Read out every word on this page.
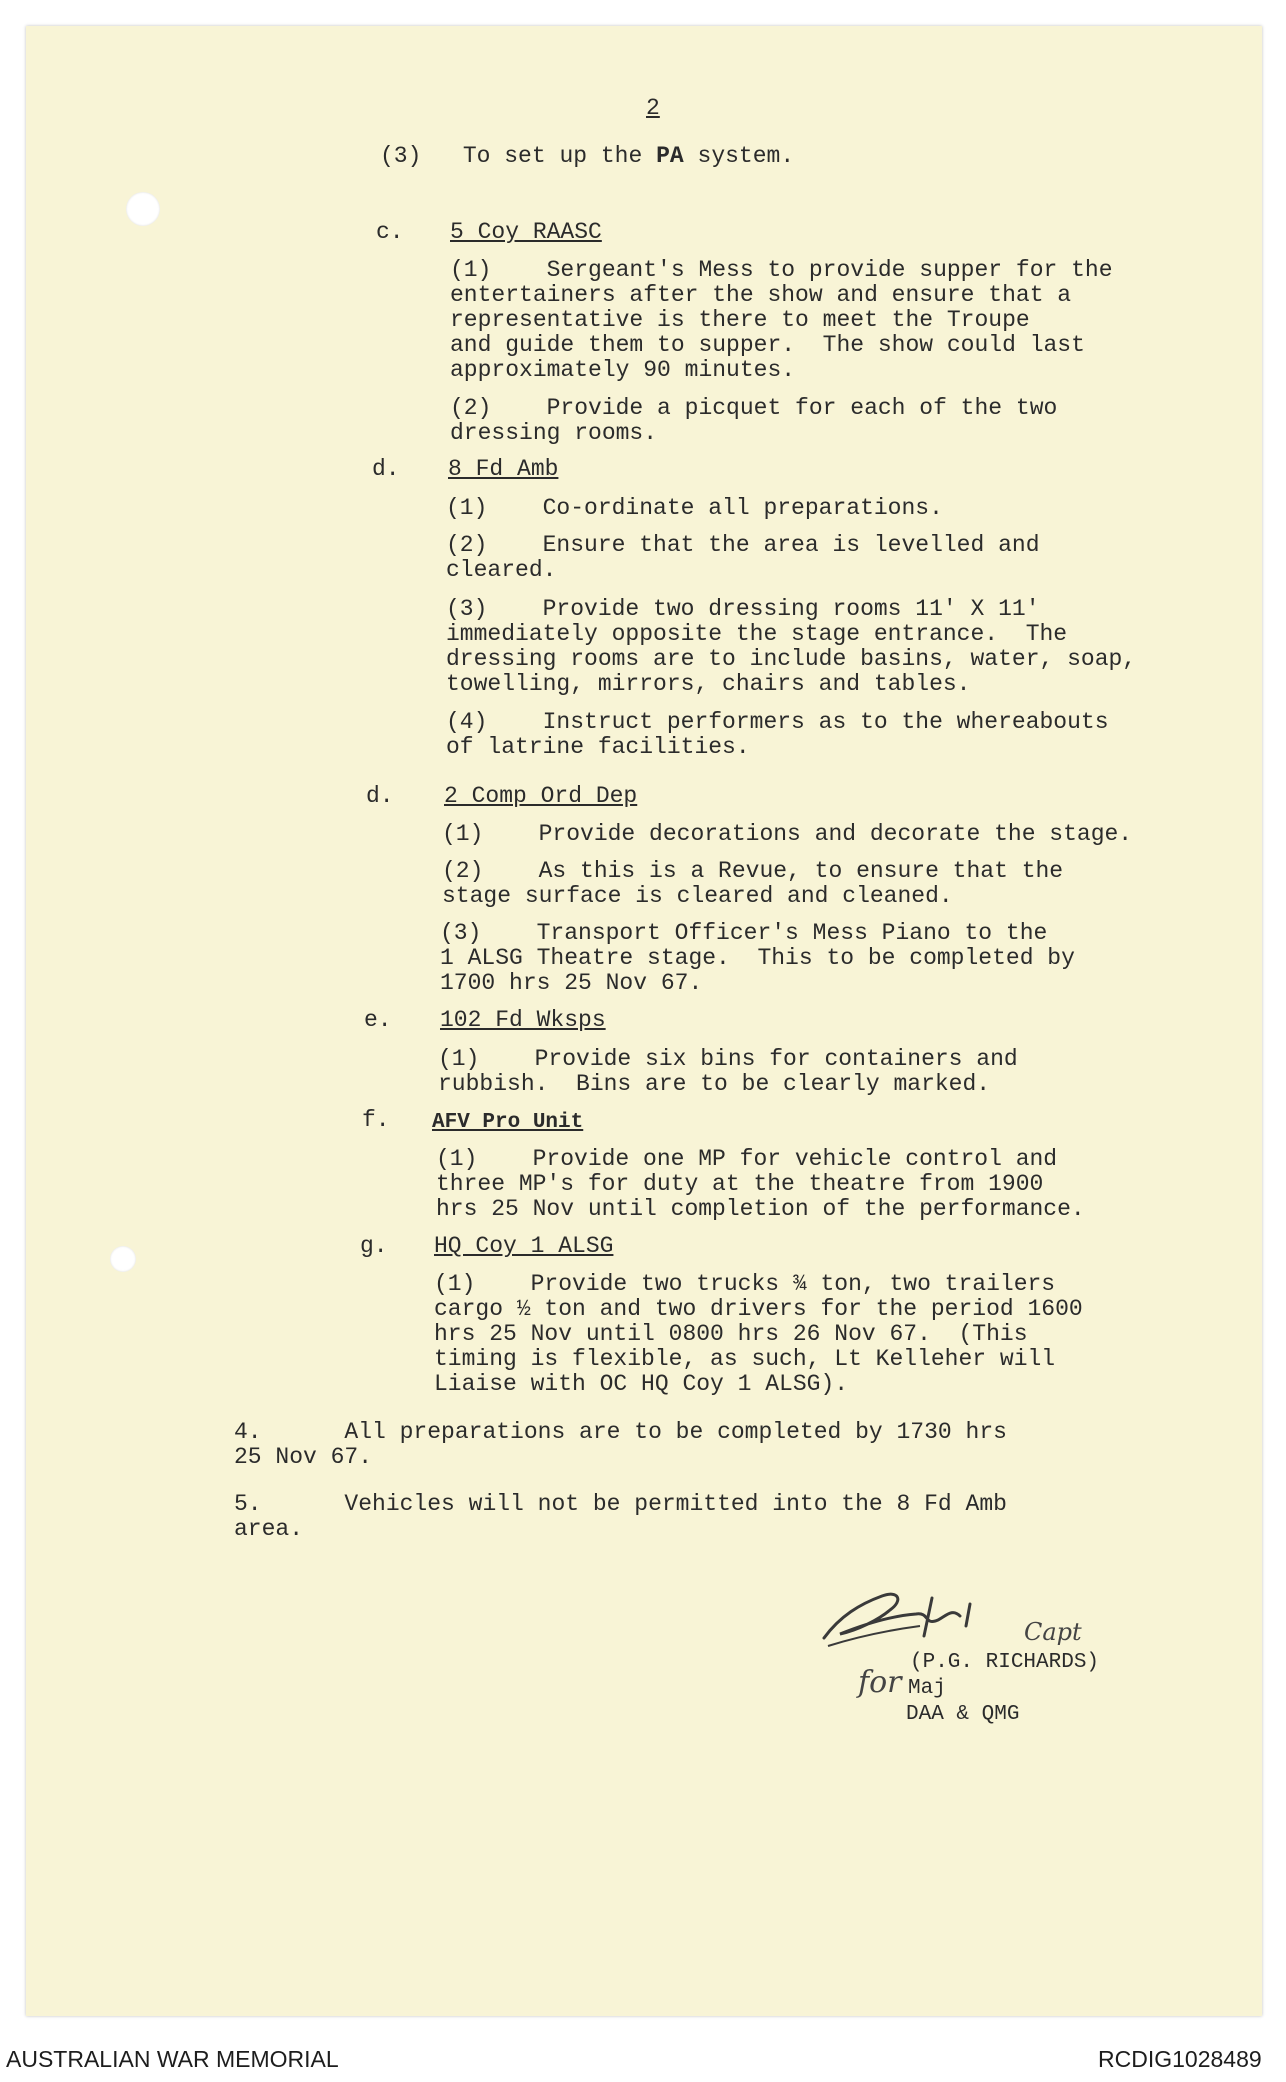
2
(3) To set up the PA system.
c. 5 Coy RAASC
(1)    Sergeant's Mess to provide supper for the
entertainers after the show and ensure that a
representative is there to meet the Troupe
and guide them to supper.  The show could last
approximately 90 minutes.
(2)    Provide a picquet for each of the two
dressing rooms.
d. 8 Fd Amb
(1)    Co-ordinate all preparations.
(2)    Ensure that the area is levelled and
cleared.
(3)    Provide two dressing rooms 11' X 11'
immediately opposite the stage entrance.  The
dressing rooms are to include basins, water, soap,
towelling, mirrors, chairs and tables.
(4)    Instruct performers as to the whereabouts
of latrine facilities.
d. 2 Comp Ord Dep
(1)    Provide decorations and decorate the stage.
(2)    As this is a Revue, to ensure that the
stage surface is cleared and cleaned.
(3)    Transport Officer's Mess Piano to the
1 ALSG Theatre stage.  This to be completed by
1700 hrs 25 Nov 67.
e. 102 Fd Wksps
(1)    Provide six bins for containers and
rubbish.  Bins are to be clearly marked.
f. AFV Pro Unit
(1)    Provide one MP for vehicle control and
three MP's for duty at the theatre from 1900
hrs 25 Nov until completion of the performance.
g. HQ Coy 1 ALSG
(1)    Provide two trucks ¾ ton, two trailers
cargo ½ ton and two drivers for the period 1600
hrs 25 Nov until 0800 hrs 26 Nov 67.  (This
timing is flexible, as such, Lt Kelleher will
Liaise with OC HQ Coy 1 ALSG).
4.      All preparations are to be completed by 1730 hrs
25 Nov 67.
5.      Vehicles will not be permitted into the 8 Fd Amb
area.
Capt
for
(P.G. RICHARDS)
Maj
DAA & QMG
AUSTRALIAN WAR MEMORIAL	RCDIG1028489
